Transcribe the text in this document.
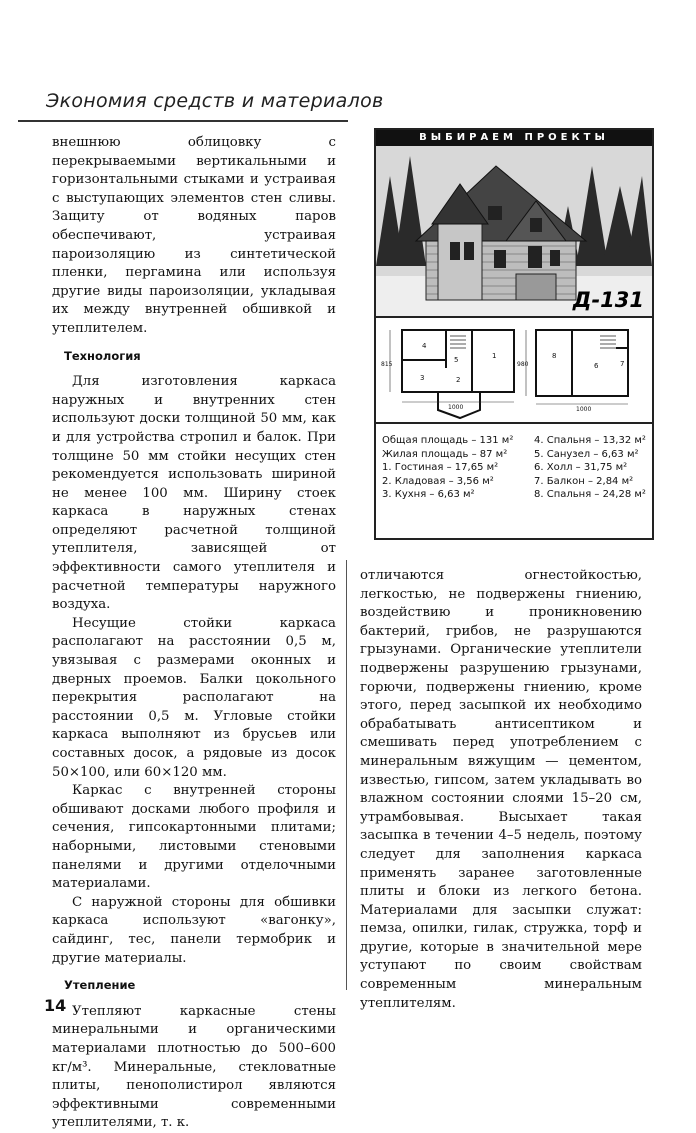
Экономия средств и материалов

внешнюю облицовку с перекрываемыми вертикальными и горизонтальными стыками и устраивая с выступающих элементов стен сливы. Защиту от водяных паров обеспечивают, устраивая пароизоляцию из синтетической пленки, пергамина или используя другие виды пароизоляции, укладывая их между внутренней обшивкой и утеплителем.

Технология

Для изготовления каркаса наружных и внутренних стен используют доски толщиной 50 мм, как и для устройства стропил и балок. При толщине 50 мм стойки несущих стен рекомендуется использовать шириной не менее 100 мм. Ширину стоек каркаса в наружных стенах определяют расчетной толщиной утеплителя, зависящей от эффективности самого утеплителя и расчетной температуры наружного воздуха.

Несущие стойки каркаса располагают на расстоянии 0,5 м, увязывая с размерами оконных и дверных проемов. Балки цокольного перекрытия располагают на расстоянии 0,5 м. Угловые стойки каркаса выполняют из брусьев или составных досок, а рядовые из досок 50×100, или 60×120 мм.

Каркас с внутренней стороны обшивают досками любого профиля и сечения, гипсокартонными плитами; наборными, листовыми стеновыми панелями и другими отделочными материалами.

С наружной стороны для обшивки каркаса используют «вагонку», сайдинг, тес, панели термобрик и другие материалы.

Утепление

Утепляют каркасные стены минеральными и органическими материалами плотностью до 500–600 кг/м³. Минеральные, стекловатные плиты, пенополистирол являются эффективными современными утеплителями, т. к.

ВЫБИРАЕМ ПРОЕКТЫ
Д-131
1000	1000
815	980
4
5	1
3	2
8
6	7
Общая площадь – 131 м²	4. Спальня – 13,32 м²
Жилая площадь – 87 м²	5. Санузел – 6,63 м²
1. Гостиная – 17,65 м²	6. Холл – 31,75 м²
2. Кладовая – 3,56 м²	7. Балкон – 2,84 м²
3. Кухня – 6,63 м²	8. Спальня – 24,28 м²

отличаются огнестойкостью, легкостью, не подвержены гниению, воздействию и проникновению бактерий, грибов, не разрушаются грызунами. Органические утеплители подвержены разрушению грызунами, горючи, подвержены гниению, кроме этого, перед засыпкой их необходимо обрабатывать антисептиком и смешивать перед употреблением с минеральным вяжущим — цементом, известью, гипсом, затем укладывать во влажном состоянии слоями 15–20 см, утрамбовывая. Высыхает такая засыпка в течении 4–5 недель, поэтому следует для заполнения каркаса применять заранее заготовленные плиты и блоки из легкого бетона. Материалами для засыпки служат: пемза, опилки, гилак, стружка, торф и другие, которые в значительной мере уступают по своим свойствам современным минеральным утеплителям.

14
